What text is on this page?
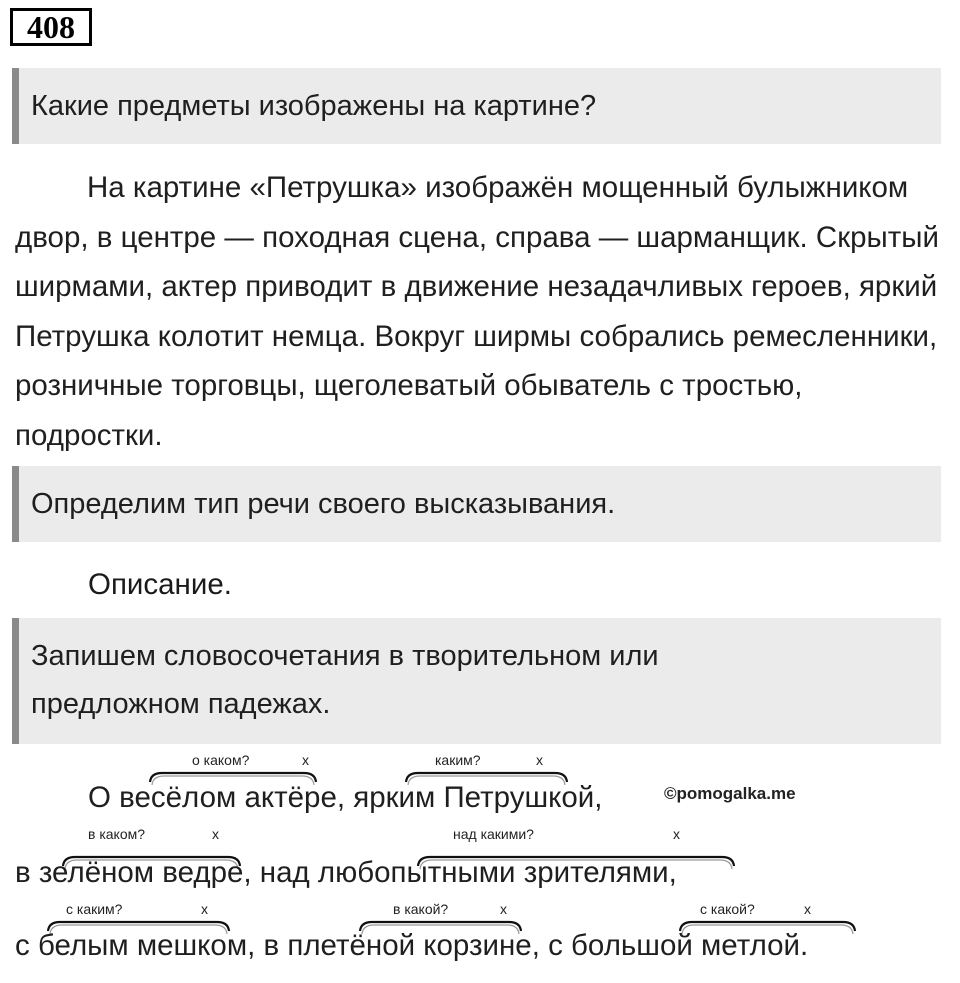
408
Какие предметы изображены на картине?
На картине «Петрушка» изображён мощенный булыжником двор, в центре — походная сцена, справа — шарманщик. Скрытый ширмами, актер приводит в движение незадачливых героев, яркий Петрушка колотит немца. Вокруг ширмы собрались ремесленники, розничные торговцы, щеголеватый обыватель с тростью, подростки.
Определим тип речи своего высказывания.
Описание.
Запишем словосочетания в творительном или
предложном падежах.
о каком?	х	каким?	х
в каком?	х	над какими?	х
с каким?	х	в какой?	х	с какой?	х
О весёлом актёре, ярким Петрушкой,	©pomogalka.me
в зелёном ведре, над любопытными зрителями,
с белым мешком, в плетёной корзине, с большой метлой.
